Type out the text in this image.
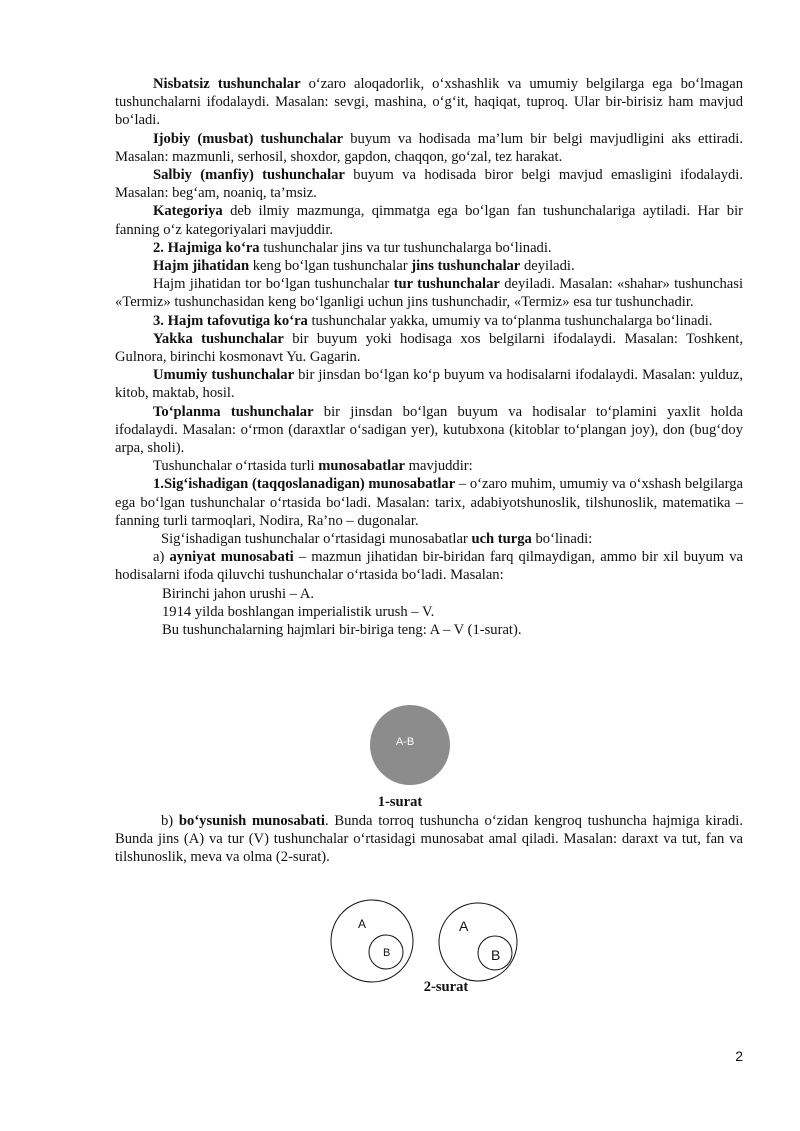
Nisbatsiz tushunchalar o‘zaro aloqadorlik, o‘xshashlik va umumiy belgilarga ega bo‘lmagan tushunchalarni ifodalaydi. Masalan: sevgi, mashina, o‘g‘it, haqiqat, tuproq. Ular bir-birisiz ham mavjud bo‘ladi.

Ijobiy (musbat) tushunchalar buyum va hodisada ma’lum bir belgi mavjudligini aks ettiradi. Masalan: mazmunli, serhosil, shoxdor, gapdon, chaqqon, go‘zal, tez harakat.

Salbiy (manfiy) tushunchalar buyum va hodisada biror belgi mavjud emasligini ifodalaydi. Masalan: beg‘am, noaniq, ta’msiz.

Kategoriya deb ilmiy mazmunga, qimmatga ega bo‘lgan fan tushunchalariga aytiladi. Har bir fanning o‘z kategoriyalari mavjuddir.

2. Hajmiga ko‘ra tushunchalar jins va tur tushunchalarga bo‘linadi.

Hajm jihatidan keng bo‘lgan tushunchalar jins tushunchalar deyiladi.

Hajm jihatidan tor bo‘lgan tushunchalar tur tushunchalar deyiladi. Masalan: «shahar» tushunchasi «Termiz» tushunchasidan keng bo‘lganligi uchun jins tushunchadir, «Termiz» esa tur tushunchadir.

3. Hajm tafovutiga ko‘ra tushunchalar yakka, umumiy va to‘planma tushunchalarga bo‘linadi.

Yakka tushunchalar bir buyum yoki hodisaga xos belgilarni ifodalaydi. Masalan: Toshkent, Gulnora, birinchi kosmonavt Yu. Gagarin.

Umumiy tushunchalar bir jinsdan bo‘lgan ko‘p buyum va hodisalarni ifodalaydi. Masalan: yulduz, kitob, maktab, hosil.

To‘planma tushunchalar bir jinsdan bo‘lgan buyum va hodisalar to‘plamini yaxlit holda ifodalaydi. Masalan: o‘rmon (daraxtlar o‘sadigan yer), kutubxona (kitoblar to‘plangan joy), don (bug‘doy arpa, sholi).

Tushunchalar o‘rtasida turli munosabatlar mavjuddir:

1.Sig‘ishadigan (taqqoslanadigan) munosabatlar – o‘zaro muhim, umumiy va o‘xshash belgilarga ega bo‘lgan tushunchalar o‘rtasida bo‘ladi. Masalan: tarix, adabiyotshunoslik, tilshunoslik, matematika – fanning turli tarmoqlari, Nodira, Ra’no – dugonalar.

Sig‘ishadigan tushunchalar o‘rtasidagi munosabatlar uch turga bo‘linadi:

a) ayniyat munosabati – mazmun jihatidan bir-biridan farq qilmaydigan, ammo bir xil buyum va hodisalarni ifoda qiluvchi tushunchalar o‘rtasida bo‘ladi. Masalan:

Birinchi jahon urushi – A.

1914 yilda boshlangan imperialistik urush – V.

Bu tushunchalarning hajmlari bir-biriga teng: A – V (1-surat).

A-B
1-surat

b) bo‘ysunish munosabati. Bunda torroq tushuncha o‘zidan kengroq tushuncha hajmiga kiradi. Bunda jins (A) va tur (V) tushunchalar o‘rtasidagi munosabat amal qiladi. Masalan: daraxt va tut, fan va tilshunoslik, meva va olma (2-surat).

A
B
A
B
2-surat
2
